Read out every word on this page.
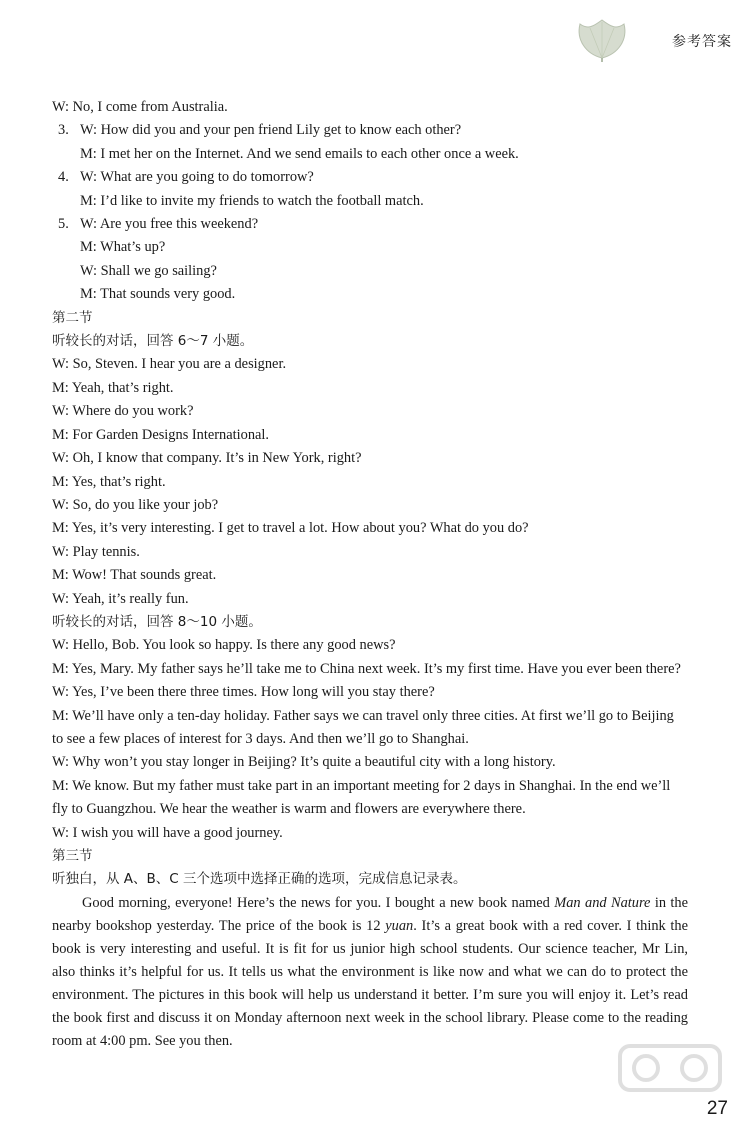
参考答案

W: No, I come from Australia.

3. W: How did you and your pen friend Lily get to know each other?

M: I met her on the Internet. And we send emails to each other once a week.

4. W: What are you going to do tomorrow?

M: I’d like to invite my friends to watch the football match.

5. W: Are you free this weekend?

M: What’s up?

W: Shall we go sailing?

M: That sounds very good.

第二节

听较长的对话，回答 6～7 小题。

W: So, Steven. I hear you are a designer.

M: Yeah, that’s right.

W: Where do you work?

M: For Garden Designs International.

W: Oh, I know that company. It’s in New York, right?

M: Yes, that’s right.

W: So, do you like your job?

M: Yes, it’s very interesting. I get to travel a lot. How about you? What do you do?

W: Play tennis.

M: Wow! That sounds great.

W: Yeah, it’s really fun.

听较长的对话，回答 8～10 小题。

W: Hello, Bob. You look so happy. Is there any good news?

M: Yes, Mary. My father says he’ll take me to China next week. It’s my first time. Have you ever been there?

W: Yes, I’ve been there three times. How long will you stay there?

M: We’ll have only a ten-day holiday. Father says we can travel only three cities. At first we’ll go to Beijing to see a few places of interest for 3 days. And then we’ll go to Shanghai.

W: Why won’t you stay longer in Beijing? It’s quite a beautiful city with a long history.

M: We know. But my father must take part in an important meeting for 2 days in Shanghai. In the end we’ll fly to Guangzhou. We hear the weather is warm and flowers are everywhere there.

W: I wish you will have a good journey.

第三节

听独白，从 A、B、C 三个选项中选择正确的选项，完成信息记录表。

Good morning, everyone! Here’s the news for you. I bought a new book named Man and Nature in the nearby bookshop yesterday. The price of the book is 12 yuan. It’s a great book with a red cover. I think the book is very interesting and useful. It is fit for us junior high school students. Our science teacher, Mr Lin, also thinks it’s helpful for us. It tells us what the environment is like now and what we can do to protect the environment. The pictures in this book will help us understand it better. I’m sure you will enjoy it. Let’s read the book first and discuss it on Monday afternoon next week in the school library. Please come to the reading room at 4:00 pm. See you then.

27
